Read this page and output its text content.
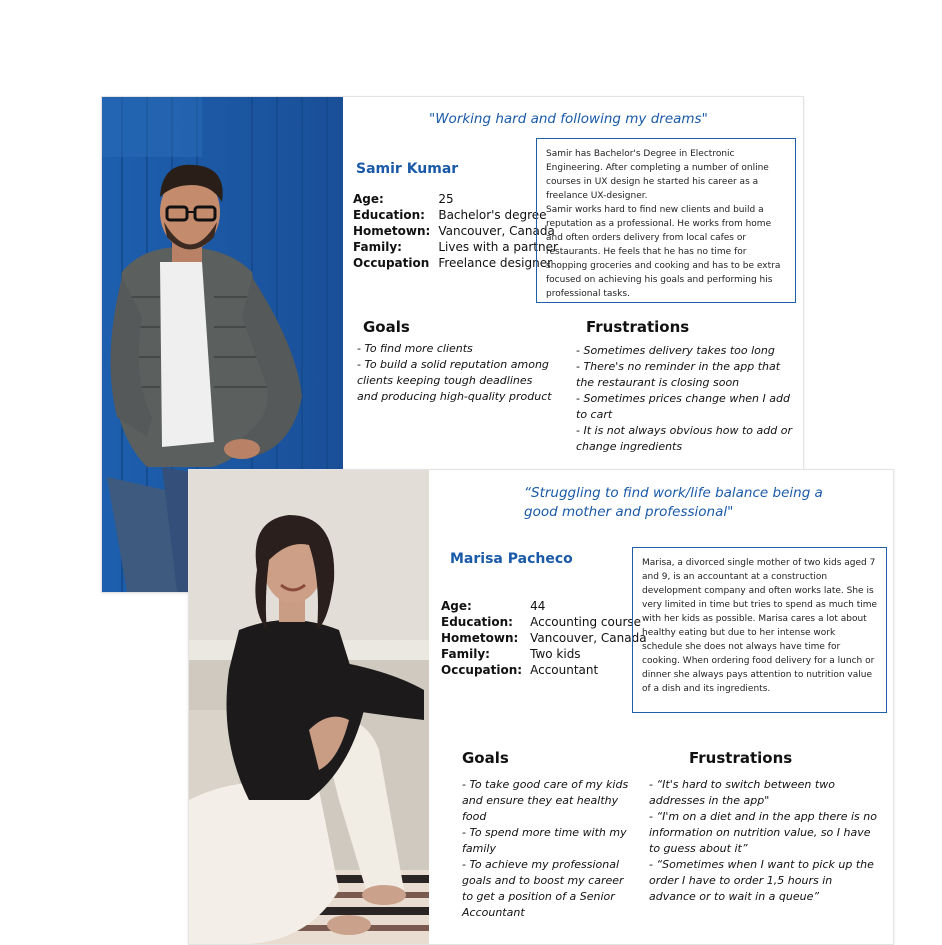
"Working hard and following my dreams"
Samir Kumar
Age:	25
Education:	Bachelor's degree
Hometown:	Vancouver, Canada
Family:	Lives with a partner
Occupation	Freelance designer

Samir has Bachelor's Degree in Electronic Engineering. After completing a number of online courses in UX design he started his career as a freelance UX-designer.

Samir works hard to find new clients and build a reputation as a professional. He works from home and often orders delivery from local cafes or restaurants. He feels that he has no time for shopping groceries and cooking and has to be extra focused on achieving his goals and performing his professional tasks.

Goals
- To find more clients
- To build a solid reputation among clients keeping tough deadlines and producing high-quality product
Frustrations
- Sometimes delivery takes too long
- There's no reminder in the app that the restaurant is closing soon
- Sometimes prices change when I add to cart
- It is not always obvious how to add or change ingredients
“Struggling to find work/life balance being a good mother and professional"
Marisa Pacheco
Age:	44
Education:	Accounting course
Hometown:	Vancouver, Canada
Family:	Two kids
Occupation:	Accountant

Marisa, a divorced single mother of two kids aged 7 and 9, is an accountant at a construction development company and often works late. She is very limited in time but tries to spend as much time with her kids as possible. Marisa cares a lot about healthy eating but due to her intense work schedule she does not always have time for cooking. When ordering food delivery for a lunch or dinner she always pays attention to nutrition value of a dish and its ingredients.

Goals
- To take good care of my kids and ensure they eat healthy food
- To spend more time with my family
- To achieve my professional goals and to boost my career to get a position of a Senior Accountant
Frustrations
- “It's hard to switch between two addresses in the app"
- “I'm on a diet and in the app there is no information on nutrition value, so I have to guess about it”
- “Sometimes when I want to pick up the order I have to order 1,5 hours in advance or to wait in a queue”
